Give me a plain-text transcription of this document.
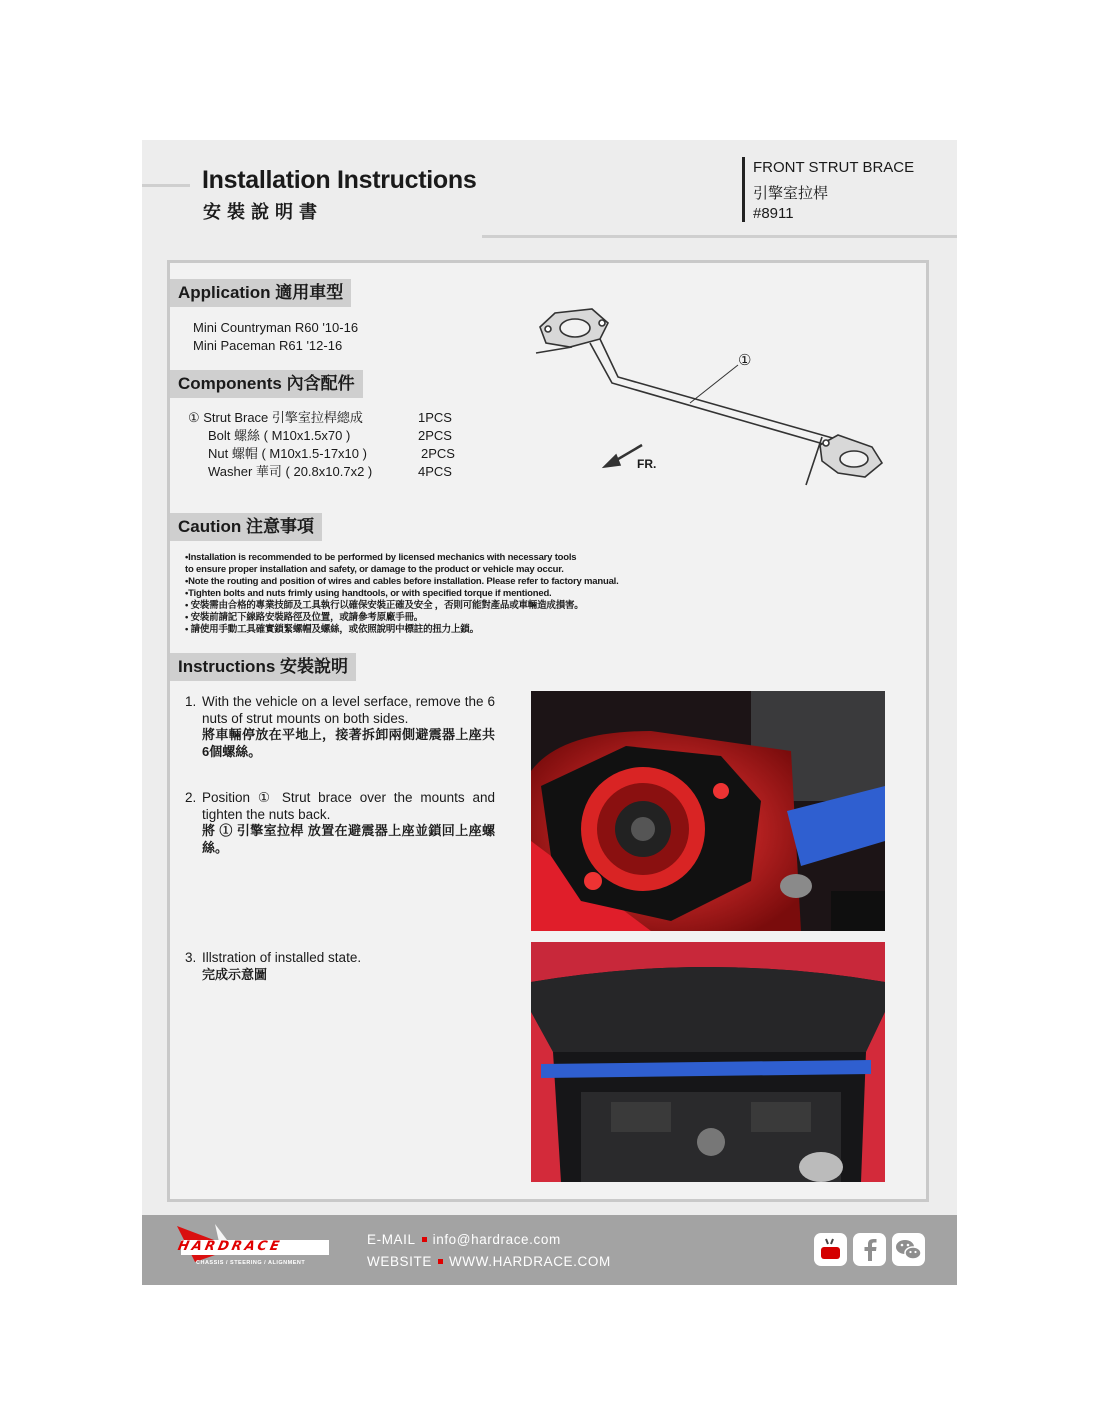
Installation Instructions
安裝說明書
FRONT STRUT BRACE
引擎室拉桿
#8911
Application 適用車型
Mini Countryman R60 '10-16
Mini Paceman R61 '12-16
Components 內含配件
① Strut Brace 引擎室拉桿總成	1PCS
Bolt 螺絲 ( M10x1.5x70 )	2PCS
Nut 螺帽 ( M10x1.5-17x10 )	2PCS
Washer 華司 ( 20.8x10.7x2 )	4PCS
①
FR.
Caution 注意事項
•Installation is recommended to be performed by licensed mechanics with necessary tools
to ensure proper installation and safety, or damage to the product or vehicle may occur.
•Note the routing and position of wires and cables before installation. Please refer to factory manual.
•Tighten bolts and nuts frimly using handtools, or with specified torque if mentioned.
• 安裝需由合格的專業技師及工具執行以確保安裝正確及安全 ，否則可能對產品或車輛造成損害。
• 安裝前請記下線路安裝路徑及位置，或請參考原廠手冊。
• 請使用手動工具確實鎖緊螺帽及螺絲，或依照說明中標註的扭力上鎖。
Instructions 安裝說明
1. With the vehicle on a level serface, remove the 6 nuts of strut mounts on both sides.
將車輛停放在平地上，接著拆卸兩側避震器上座共6個螺絲。
2. Position ① Strut brace over the mounts and tighten the nuts back.
將 ① 引擎室拉桿 放置在避震器上座並鎖回上座螺絲。
3. Illstration of installed state.
完成示意圖
HARDRACE
CHASSIS / STEERING / ALIGNMENT
E-MAIL info@hardrace.com
WEBSITE WWW.HARDRACE.COM
